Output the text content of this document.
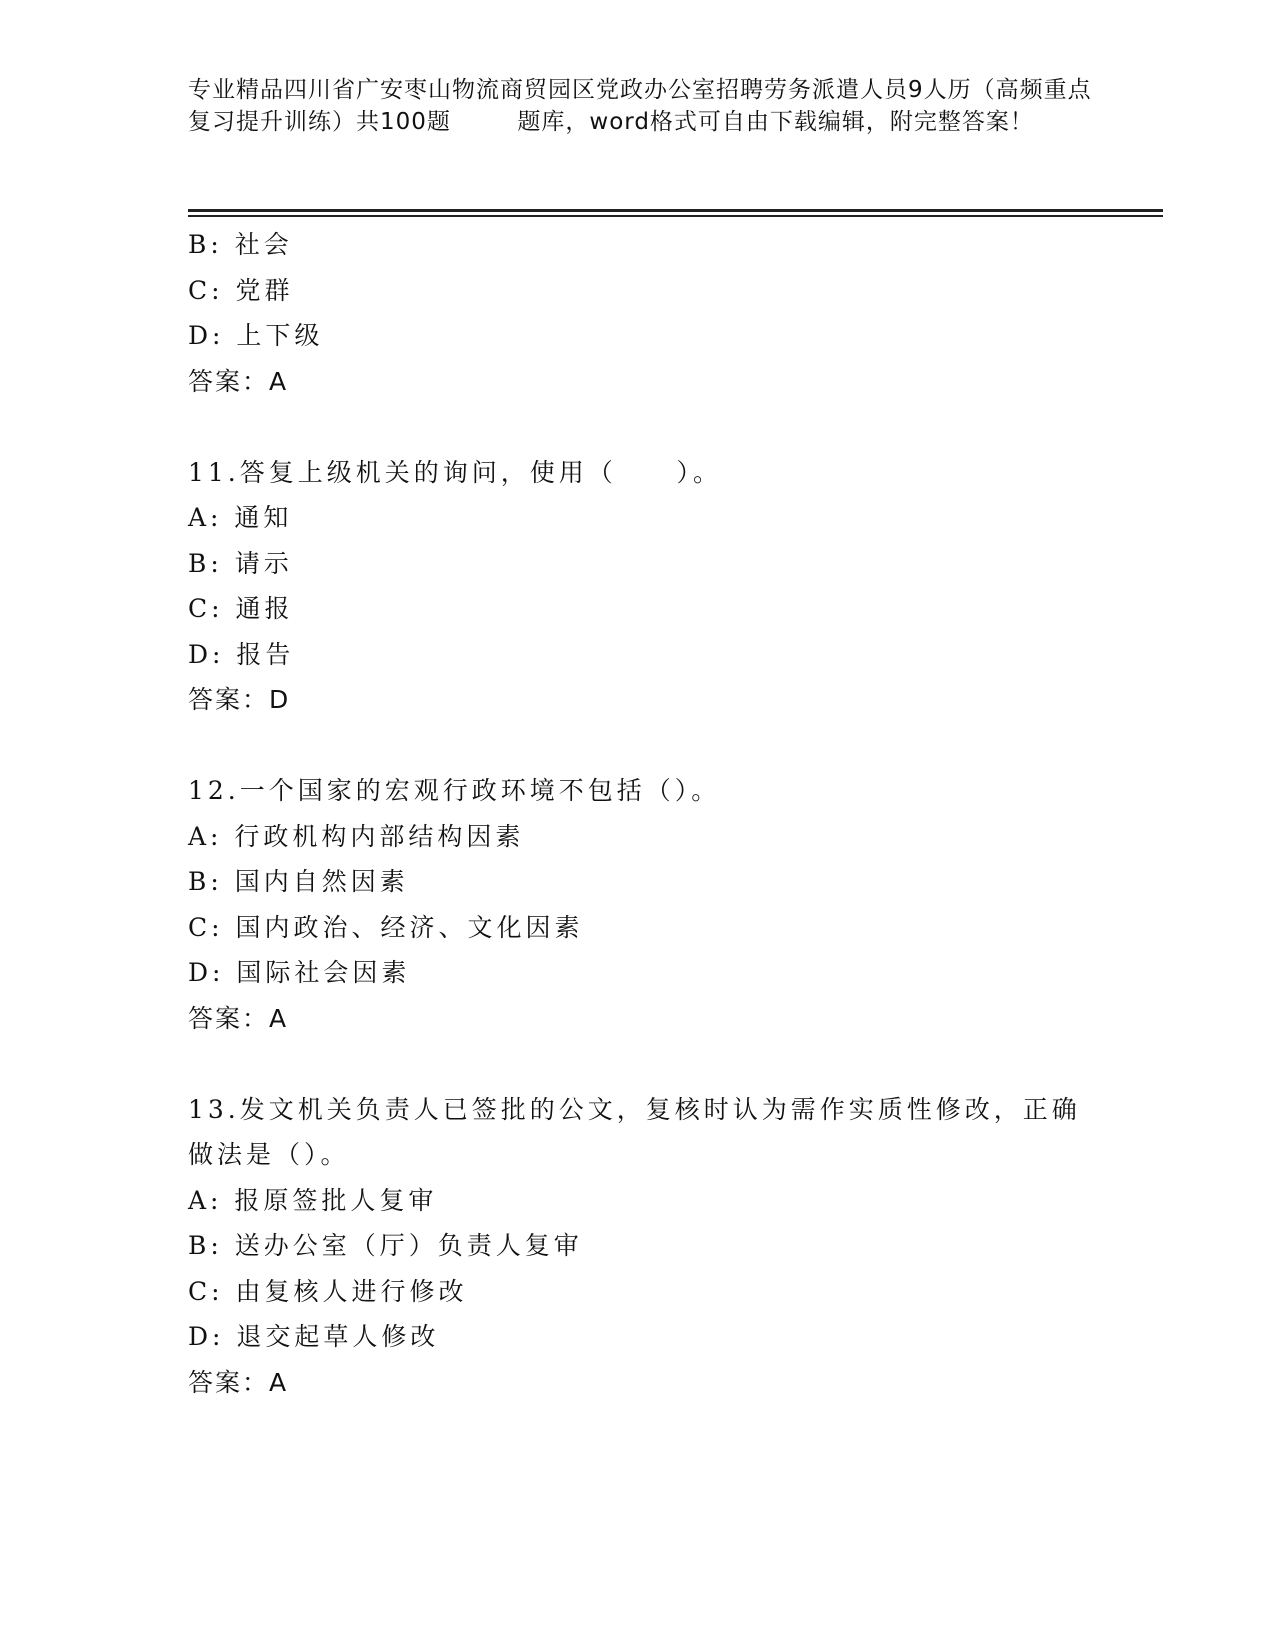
专业精品四川省广安枣山物流商贸园区党政办公室招聘劳务派遣人员9人历（高频重点复习提升训练）共100题        题库，word格式可自由下载编辑，附完整答案！
B: 社会
C: 党群
D: 上下级
答案：A
11.答复上级机关的询问，使用（     ）。
A: 通知
B: 请示
C: 通报
D: 报告
答案：D
12.一个国家的宏观行政环境不包括（）。
A: 行政机构内部结构因素
B: 国内自然因素
C: 国内政治、经济、文化因素
D: 国际社会因素
答案：A
13.发文机关负责人已签批的公文，复核时认为需作实质性修改，正确做法是（）。
A: 报原签批人复审
B: 送办公室（厅）负责人复审
C: 由复核人进行修改
D: 退交起草人修改
答案：A
